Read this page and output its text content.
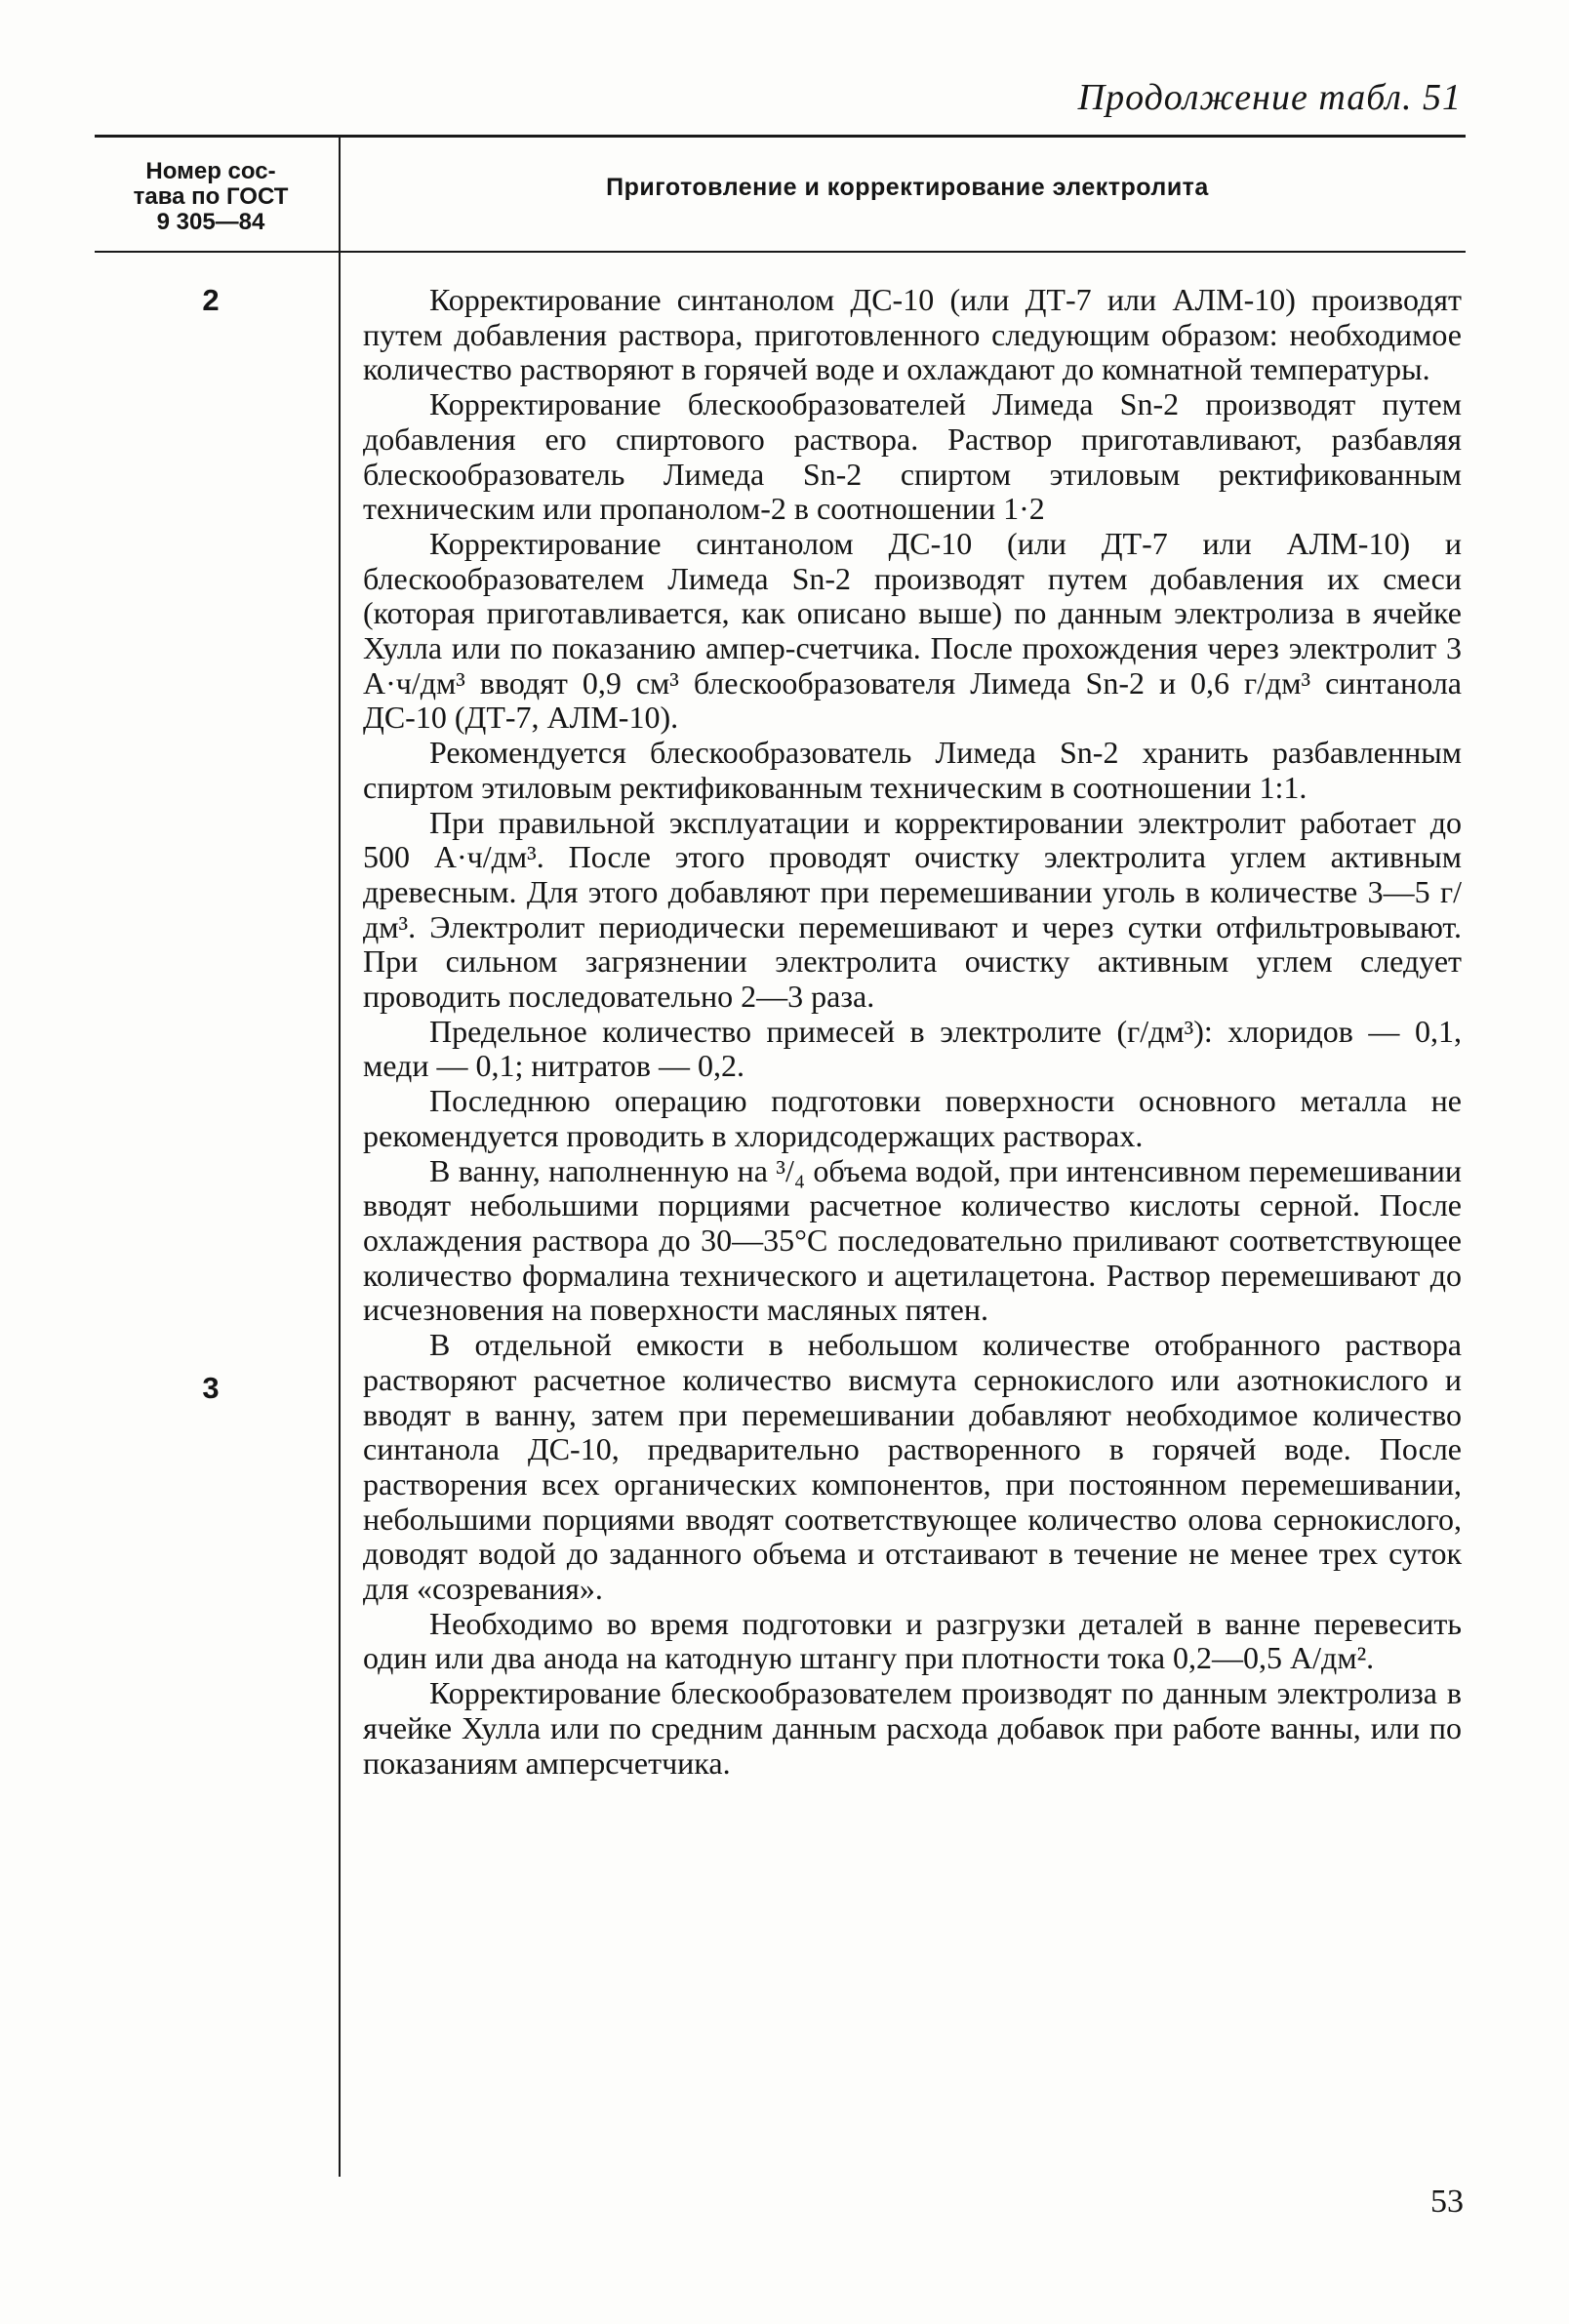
Продолжение табл. 51
Номер сос-
тава по ГОСТ
9 305—84
Приготовление и корректирование электролита
2
3

Корректирование синтанолом ДС-10 (или ДТ-7 или АЛМ-10) производят путем добавления раствора, приготовленного следующим образом: необходимое количество растворяют в горячей воде и охлаждают до комнатной температуры.

Корректирование блескообразователей Лимеда Sn-2 производят путем добавления его спиртового раствора. Раствор приготавливают, разбавляя блескообразователь Лимеда Sn-2 спиртом этиловым ректификованным техническим или пропанолом-2 в соотношении 1·2

Корректирование синтанолом ДС-10 (или ДТ-7 или АЛМ-10) и блескообразователем Лимеда Sn-2 производят путем добавления их смеси (которая приготавливается, как описано выше) по данным электролиза в ячейке Хулла или по показанию ампер-счетчика. После прохождения через электролит 3 А·ч/дм³ вводят 0,9 см³ блескообразователя Лимеда Sn-2 и 0,6 г/дм³ синтанола ДС-10 (ДТ-7, АЛМ-10).

Рекомендуется блескообразователь Лимеда Sn-2 хранить разбавленным спиртом этиловым ректификованным техническим в соотношении 1:1.

При правильной эксплуатации и корректировании электролит работает до 500 А·ч/дм³. После этого проводят очистку электролита углем активным древесным. Для этого добавляют при перемешивании уголь в количестве 3—5 г/дм³. Электролит периодически перемешивают и через сутки отфильтровывают. При сильном загрязнении электролита очистку активным углем следует проводить последовательно 2—3 раза.

Предельное количество примесей в электролите (г/дм³): хлоридов — 0,1, меди — 0,1; нитратов — 0,2.

Последнюю операцию подготовки поверхности основного металла не рекомендуется проводить в хлоридсодержащих растворах.

В ванну, наполненную на ³/₄ объема водой, при интенсивном перемешивании вводят небольшими порциями расчетное количество кислоты серной. После охлаждения раствора до 30—35°С последовательно приливают соответствующее количество формалина технического и ацетилацетона. Раствор перемешивают до исчезновения на поверхности масляных пятен.

В отдельной емкости в небольшом количестве отобранного раствора растворяют расчетное количество висмута сернокислого или азотнокислого и вводят в ванну, затем при перемешивании добавляют необходимое количество синтанола ДС-10, предварительно растворенного в горячей воде. После растворения всех органических компонентов, при постоянном перемешивании, небольшими порциями вводят соответствующее количество олова сернокислого, доводят водой до заданного объема и отстаивают в течение не менее трех суток для «созревания».

Необходимо во время подготовки и разгрузки деталей в ванне перевесить один или два анода на катодную штангу при плотности тока 0,2—0,5 А/дм².

Корректирование блескообразователем производят по данным электролиза в ячейке Хулла или по средним данным расхода добавок при работе ванны, или по показаниям амперсчетчика.

53
